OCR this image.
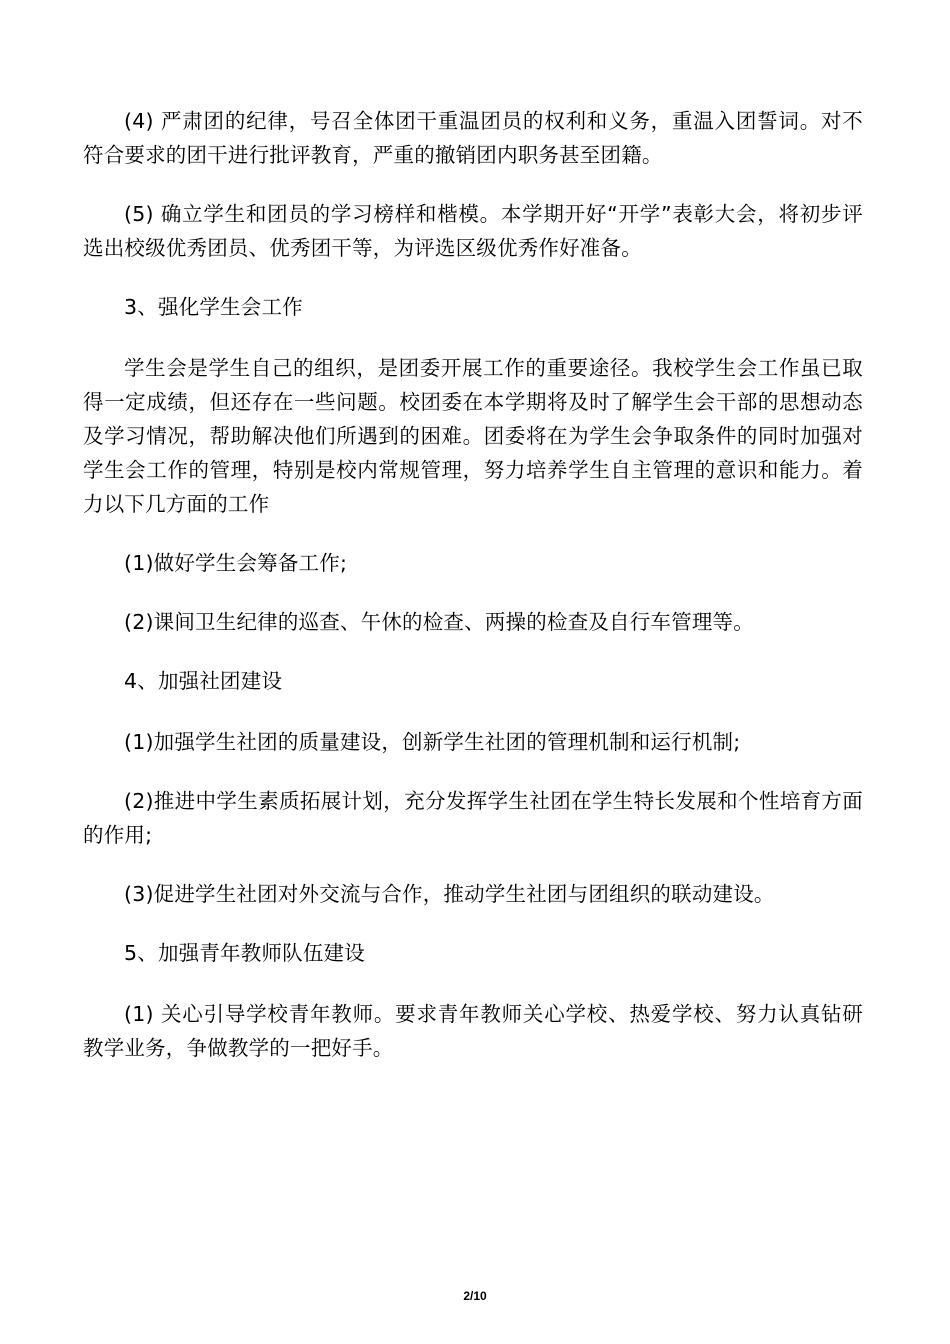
(4) 严肃团的纪律，号召全体团干重温团员的权利和义务，重温入团誓词。对不符合要求的团干进行批评教育，严重的撤销团内职务甚至团籍。

(5) 确立学生和团员的学习榜样和楷模。本学期开好“开学”表彰大会，将初步评选出校级优秀团员、优秀团干等，为评选区级优秀作好准备。

3、强化学生会工作

学生会是学生自己的组织，是团委开展工作的重要途径。我校学生会工作虽已取得一定成绩，但还存在一些问题。校团委在本学期将及时了解学生会干部的思想动态及学习情况，帮助解决他们所遇到的困难。团委将在为学生会争取条件的同时加强对学生会工作的管理，特别是校内常规管理，努力培养学生自主管理的意识和能力。着力以下几方面的工作

(1)做好学生会筹备工作;

(2)课间卫生纪律的巡查、午休的检查、两操的检查及自行车管理等。

4、加强社团建设

(1)加强学生社团的质量建设，创新学生社团的管理机制和运行机制;

(2)推进中学生素质拓展计划，充分发挥学生社团在学生特长发展和个性培育方面的作用;

(3)促进学生社团对外交流与合作，推动学生社团与团组织的联动建设。

5、加强青年教师队伍建设

(1) 关心引导学校青年教师。要求青年教师关心学校、热爱学校、努力认真钻研教学业务，争做教学的一把好手。

2/10
